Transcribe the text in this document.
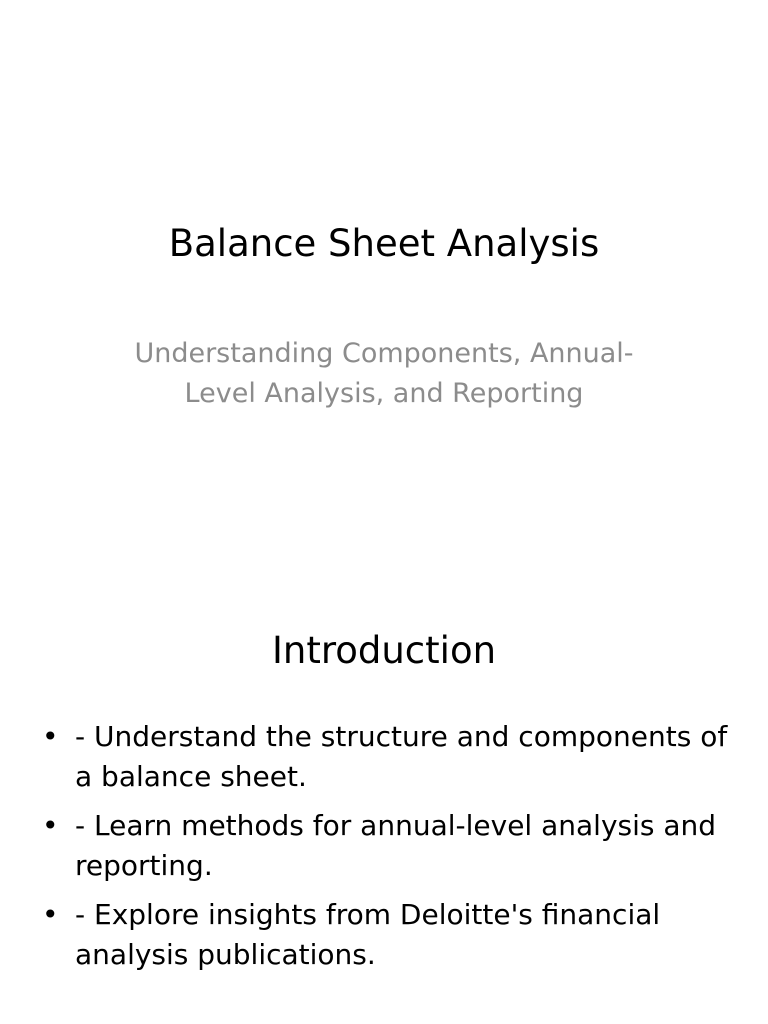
Balance Sheet Analysis
Understanding Components, Annual-
Level Analysis, and Reporting
Introduction
• - Understand the structure and components of
a balance sheet.
• - Learn methods for annual-level analysis and
reporting.
• - Explore insights from Deloitte's financial
analysis publications.
